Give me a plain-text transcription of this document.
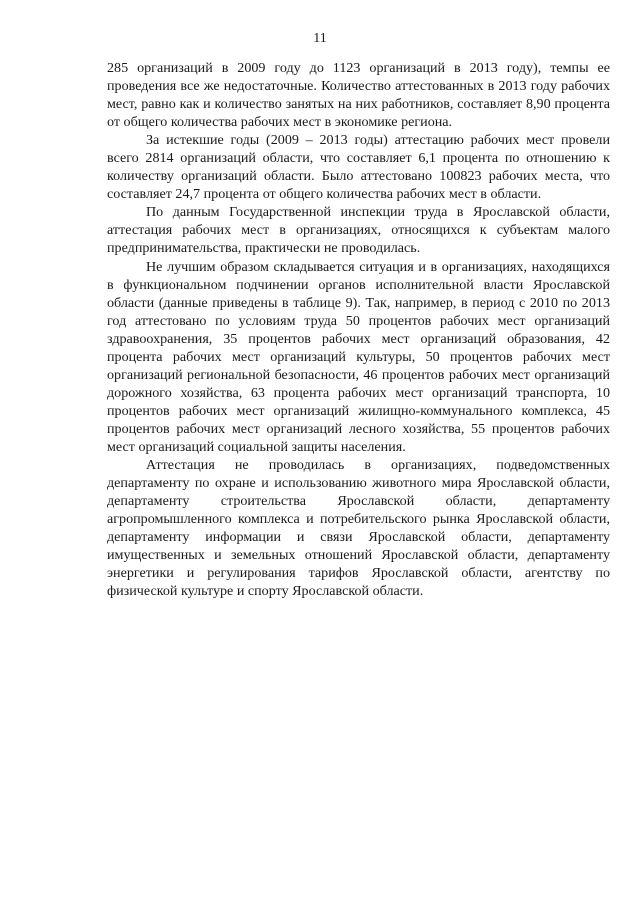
11

285 организаций в 2009 году до 1123 организаций в 2013 году), темпы ее проведения все же недостаточные. Количество аттестованных в 2013 году рабочих мест, равно как и количество занятых на них работников, составляет 8,90 процента от общего количества рабочих мест в экономике региона.

За истекшие годы (2009 – 2013 годы) аттестацию рабочих мест провели всего 2814 организаций области, что составляет 6,1 процента по отношению к количеству организаций области. Было аттестовано 100823 рабочих места, что составляет 24,7 процента от общего количества рабочих мест в области.

По данным Государственной инспекции труда в Ярославской области, аттестация рабочих мест в организациях, относящихся к субъектам малого предпринимательства, практически не проводилась.

Не лучшим образом складывается ситуация и в организациях, находящихся в функциональном подчинении органов исполнительной власти Ярославской области (данные приведены в таблице 9). Так, например, в период с 2010 по 2013 год аттестовано по условиям труда 50 процентов рабочих мест организаций здравоохранения, 35 процентов рабочих мест организаций образования, 42 процента рабочих мест организаций культуры, 50 процентов рабочих мест организаций региональной безопасности, 46 процентов рабочих мест организаций дорожного хозяйства, 63 процента рабочих мест организаций транспорта, 10 процентов рабочих мест организаций жилищно-коммунального комплекса, 45 процентов рабочих мест организаций лесного хозяйства, 55 процентов рабочих мест организаций социальной защиты населения.

Аттестация не проводилась в организациях, подведомственных департаменту по охране и использованию животного мира Ярославской области, департаменту строительства Ярославской области, департаменту агропромышленного комплекса и потребительского рынка Ярославской области, департаменту информации и связи Ярославской области, департаменту имущественных и земельных отношений Ярославской области, департаменту энергетики и регулирования тарифов Ярославской области, агентству по физической культуре и спорту Ярославской области.
